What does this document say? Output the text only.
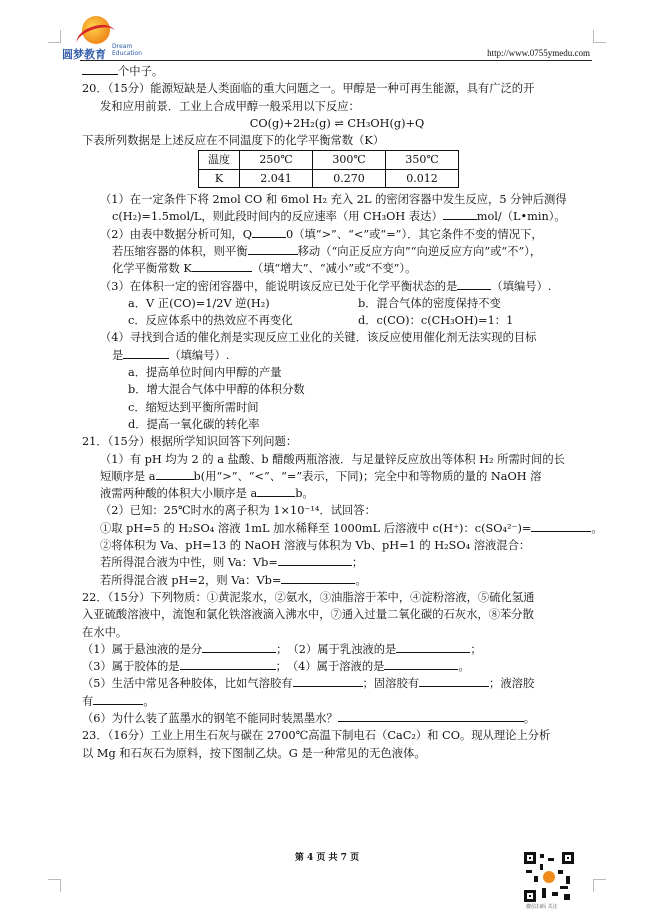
圆梦教育
Dream
Education	http://www.0755ymedu.com

个中子。

20．（15分）能源短缺是人类面临的重大问题之一。甲醇是一种可再生能源，具有广泛的开

发和应用前景．工业上合成甲醇一般采用以下反应：

CO(g)+2H₂(g) ⇌ CH₃OH(g)+Q

下表所列数据是上述反应在不同温度下的化学平衡常数（K）

温度	250℃	300℃	350℃
K	2.041	0.270	0.012

（1）在一定条件下将 2mol CO 和 6mol H₂ 充入 2L 的密闭容器中发生反应，5 分钟后测得

c(H₂)=1.5mol/L，则此段时间内的反应速率（用 CH₃OH 表达）	mol/（L•min）。

（2）由表中数据分析可知，Q	0（填“>”、“<”或“=”）．其它条件不变的情况下，

若压缩容器的体积，则平衡	移动（“向正反应方向”“向逆反应方向”或“不”），

化学平衡常数 K	（填“增大”、“减小”或“不变”）。

（3）在体积一定的密闭容器中，能说明该反应已处于化学平衡状态的是	（填编号）.

a．V 正(CO)=1/2V 逆(H₂)	b．混合气体的密度保持不变

c．反应体系中的热效应不再变化	d．c(CO)：c(CH₃OH)=1：1

（4）寻找到合适的催化剂是实现反应工业化的关键．该反应使用催化剂无法实现的目标

是	（填编号）.

a．提高单位时间内甲醇的产量

b．增大混合气体中甲醇的体积分数

c．缩短达到平衡所需时间

d．提高一氧化碳的转化率

21．（15分）根据所学知识回答下列问题：

（1）有 pH 均为 2 的 a 盐酸、b 醋酸两瓶溶液．与足量锌反应放出等体积 H₂ 所需时间的长

短顺序是 a	b(用“>”、“<”、“=”表示，下同)；完全中和等物质的量的 NaOH 溶

液需两种酸的体积大小顺序是 a	b。

（2）已知：25℃时水的离子积为 1×10⁻¹⁴．试回答：

①取 pH=5 的 H₂SO₄ 溶液 1mL 加水稀释至 1000mL 后溶液中 c(H⁺)：c(SO₄²⁻)=	。

②将体积为 Va、pH=13 的 NaOH 溶液与体积为 Vb、pH=1 的 H₂SO₄ 溶液混合：

若所得混合液为中性，则 Va：Vb=	；

若所得混合液 pH=2，则 Va：Vb=	。

22．（15分）下列物质：①黄泥浆水，②氨水，③油脂溶于苯中，④淀粉溶液，⑤硫化氢通

入亚硫酸溶液中，流饱和氯化铁溶液滴入沸水中，⑦通入过量二氧化碳的石灰水，⑧苯分散

在水中。

（1）属于悬浊液的是分	；　（2）属于乳浊液的是	；

（3）属于胶体的是	；　（4）属于溶液的是	。

（5）生活中常见各种胶体，比如气溶胶有	；固溶胶有	；液溶胶

有	。

（6）为什么装了蓝墨水的钢笔不能同时装黑墨水？	。

23．（16分）工业上用生石灰与碳在 2700℃高温下制电石（CaC₂）和 CO。现从理论上分析

以 Mg 和石灰石为原料，按下图制乙炔。G 是一种常见的无色液体。

第 4 页 共 7 页
微信扫码 关注
